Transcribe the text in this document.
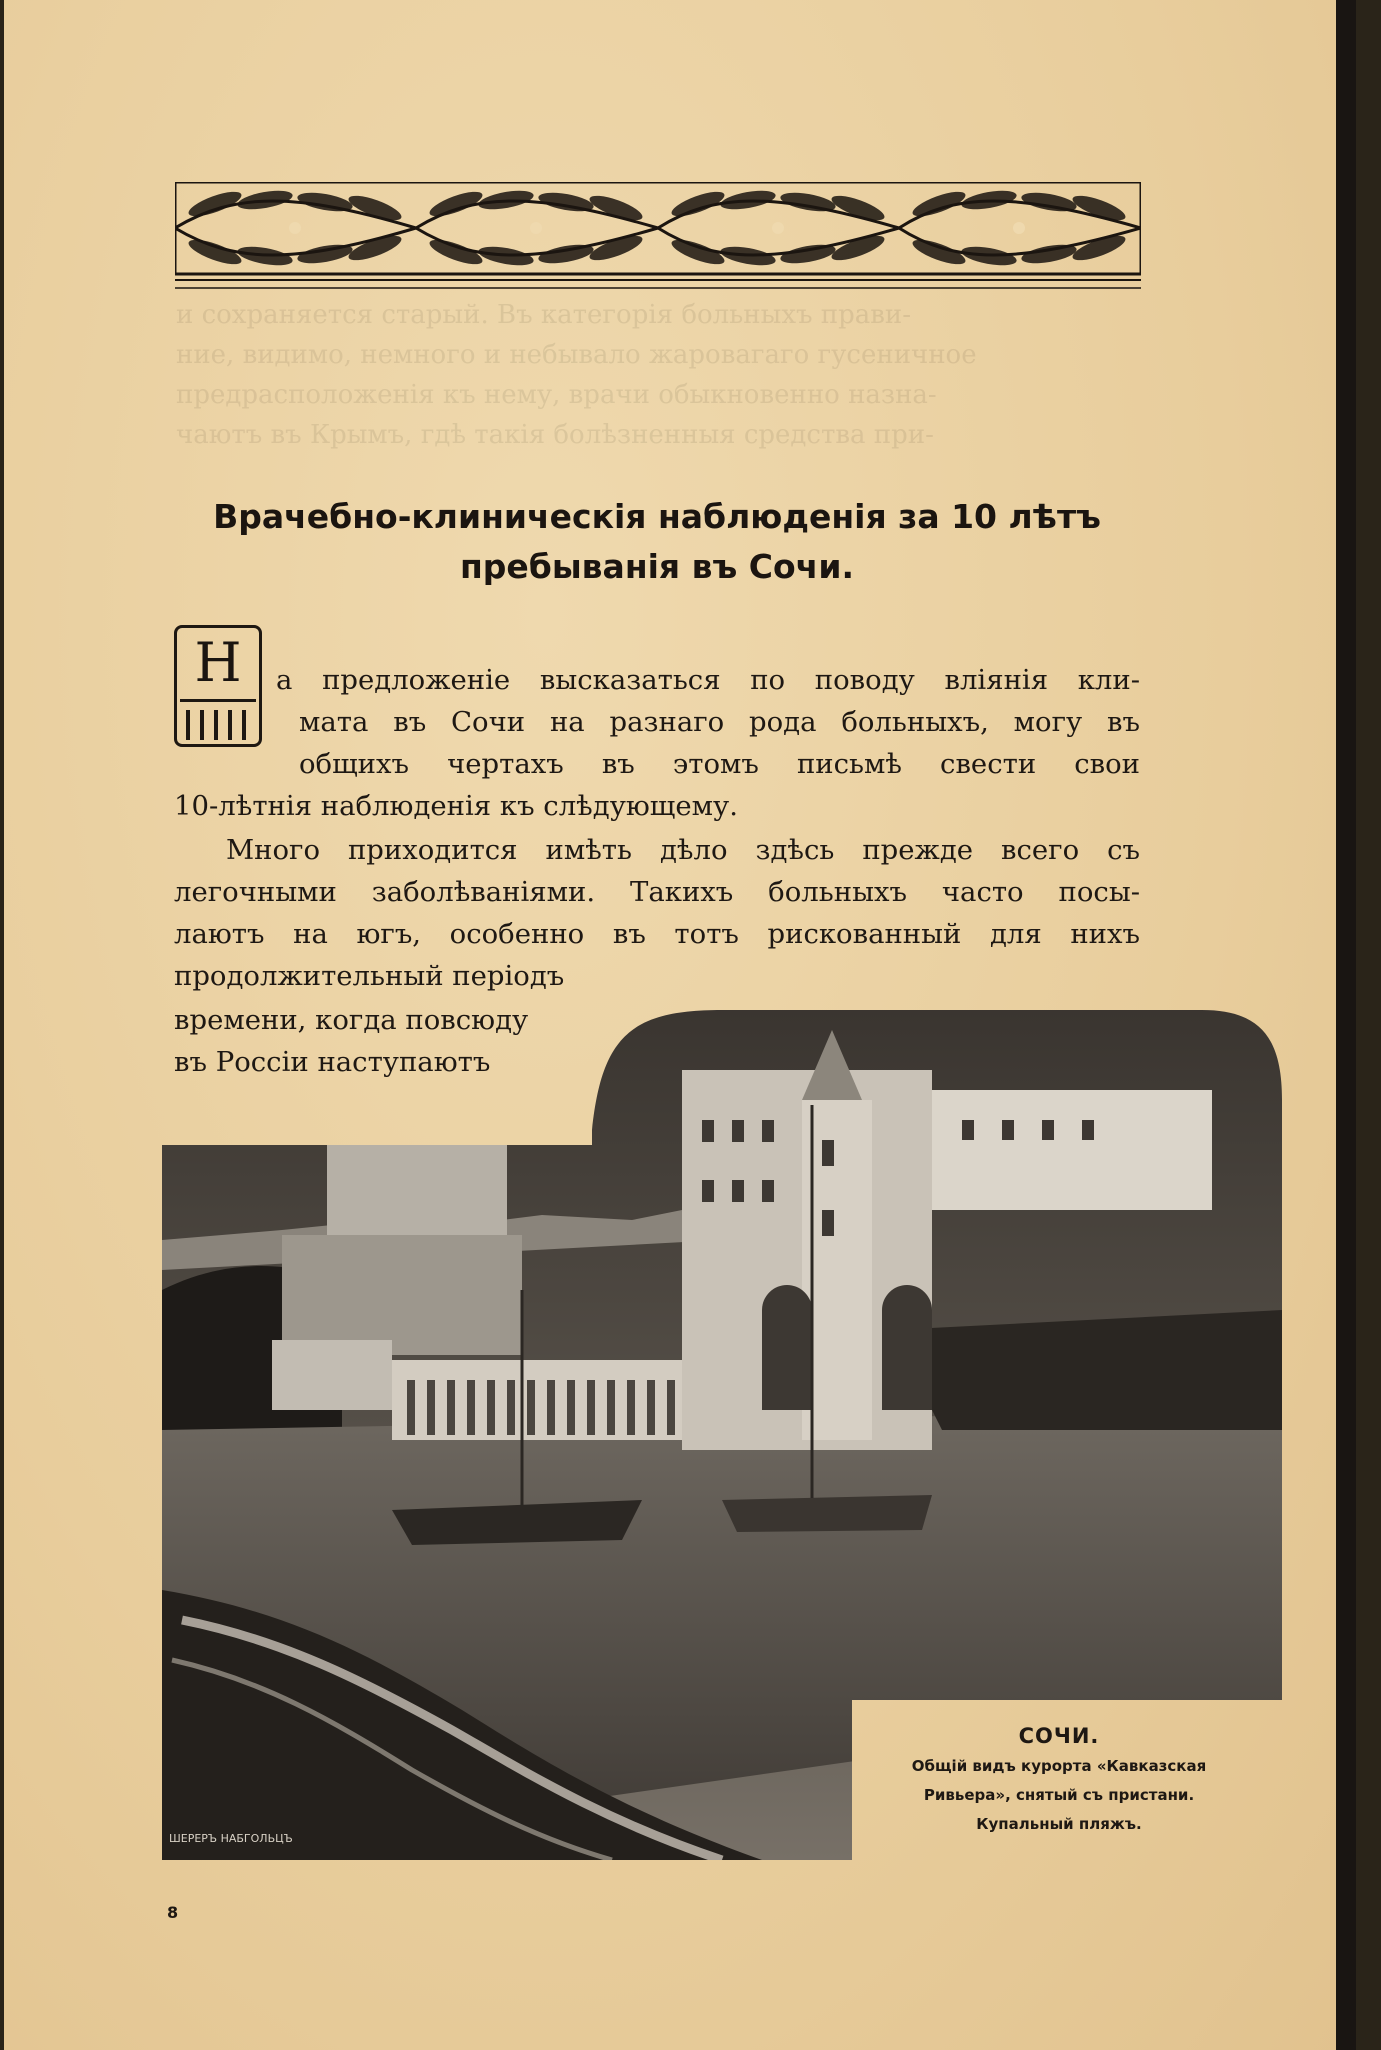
и сохраняется старый. Въ категорія больныхъ прави-
ние, видимо, немного и небывало жаровагаго гусеничное
предрасположенія къ нему, врачи обыкновенно назна-
чаютъ въ Крымъ, гдѣ такія болѣзненныя средства при-
Врачебно-клиническія наблюденія за 10 лѣтъ
пребыванія въ Сочи.
Н	а предложеніе высказаться по поводу вліянія кли-
мата въ Сочи на разнаго рода больныхъ, могу въ
общихъ чертахъ въ этомъ письмѣ свести свои
10-лѣтнія наблюденія къ слѣдующему.
Много приходится имѣть дѣло здѣсь прежде всего съ
легочными заболѣваніями. Такихъ больныхъ часто посы-
лаютъ на югъ, особенно въ тотъ рискованный для нихъ
продолжительный періодъ
времени, когда повсюду
въ Россіи наступаютъ
СОЧИ.
Общій видъ курорта «Кавказская
Ривьера», снятый съ пристани.
Купальный пляжъ.
ШЕРЕРЪ НАБГОЛЬЦЪ
8
